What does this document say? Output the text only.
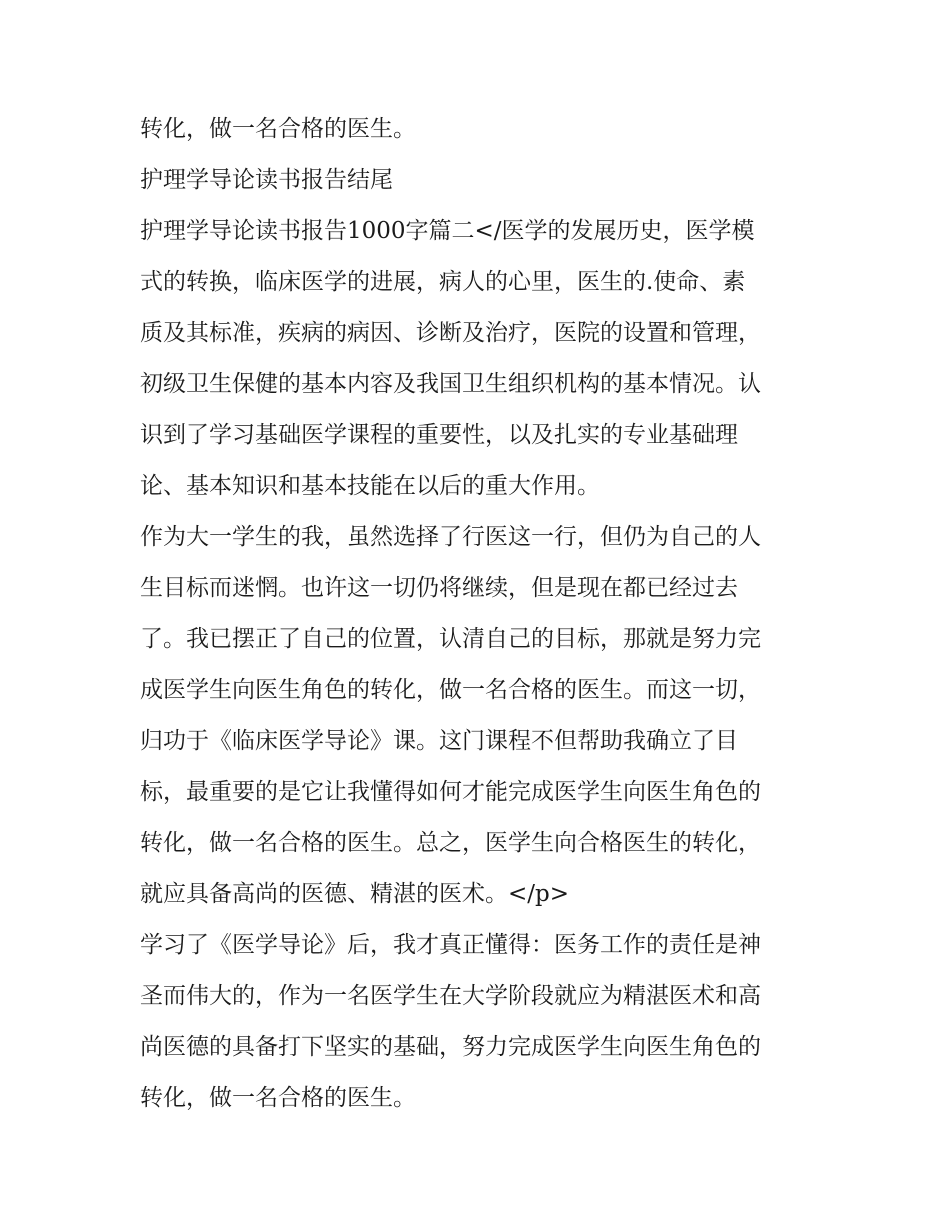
转化，做一名合格的医生。
护理学导论读书报告结尾
护理学导论读书报告1000字篇二</医学的发展历史，医学模
式的转换，临床医学的进展，病人的心里，医生的.使命、素
质及其标准，疾病的病因、诊断及治疗，医院的设置和管理，
初级卫生保健的基本内容及我国卫生组织机构的基本情况。认
识到了学习基础医学课程的重要性，以及扎实的专业基础理
论、基本知识和基本技能在以后的重大作用。
作为大一学生的我，虽然选择了行医这一行，但仍为自己的人
生目标而迷惘。也许这一切仍将继续，但是现在都已经过去
了。我已摆正了自己的位置，认清自己的目标，那就是努力完
成医学生向医生角色的转化，做一名合格的医生。而这一切，
归功于《临床医学导论》课。这门课程不但帮助我确立了目
标，最重要的是它让我懂得如何才能完成医学生向医生角色的
转化，做一名合格的医生。总之，医学生向合格医生的转化，
就应具备高尚的医德、精湛的医术。</p>
学习了《医学导论》后，我才真正懂得：医务工作的责任是神
圣而伟大的，作为一名医学生在大学阶段就应为精湛医术和高
尚医德的具备打下坚实的基础，努力完成医学生向医生角色的
转化，做一名合格的医生。
